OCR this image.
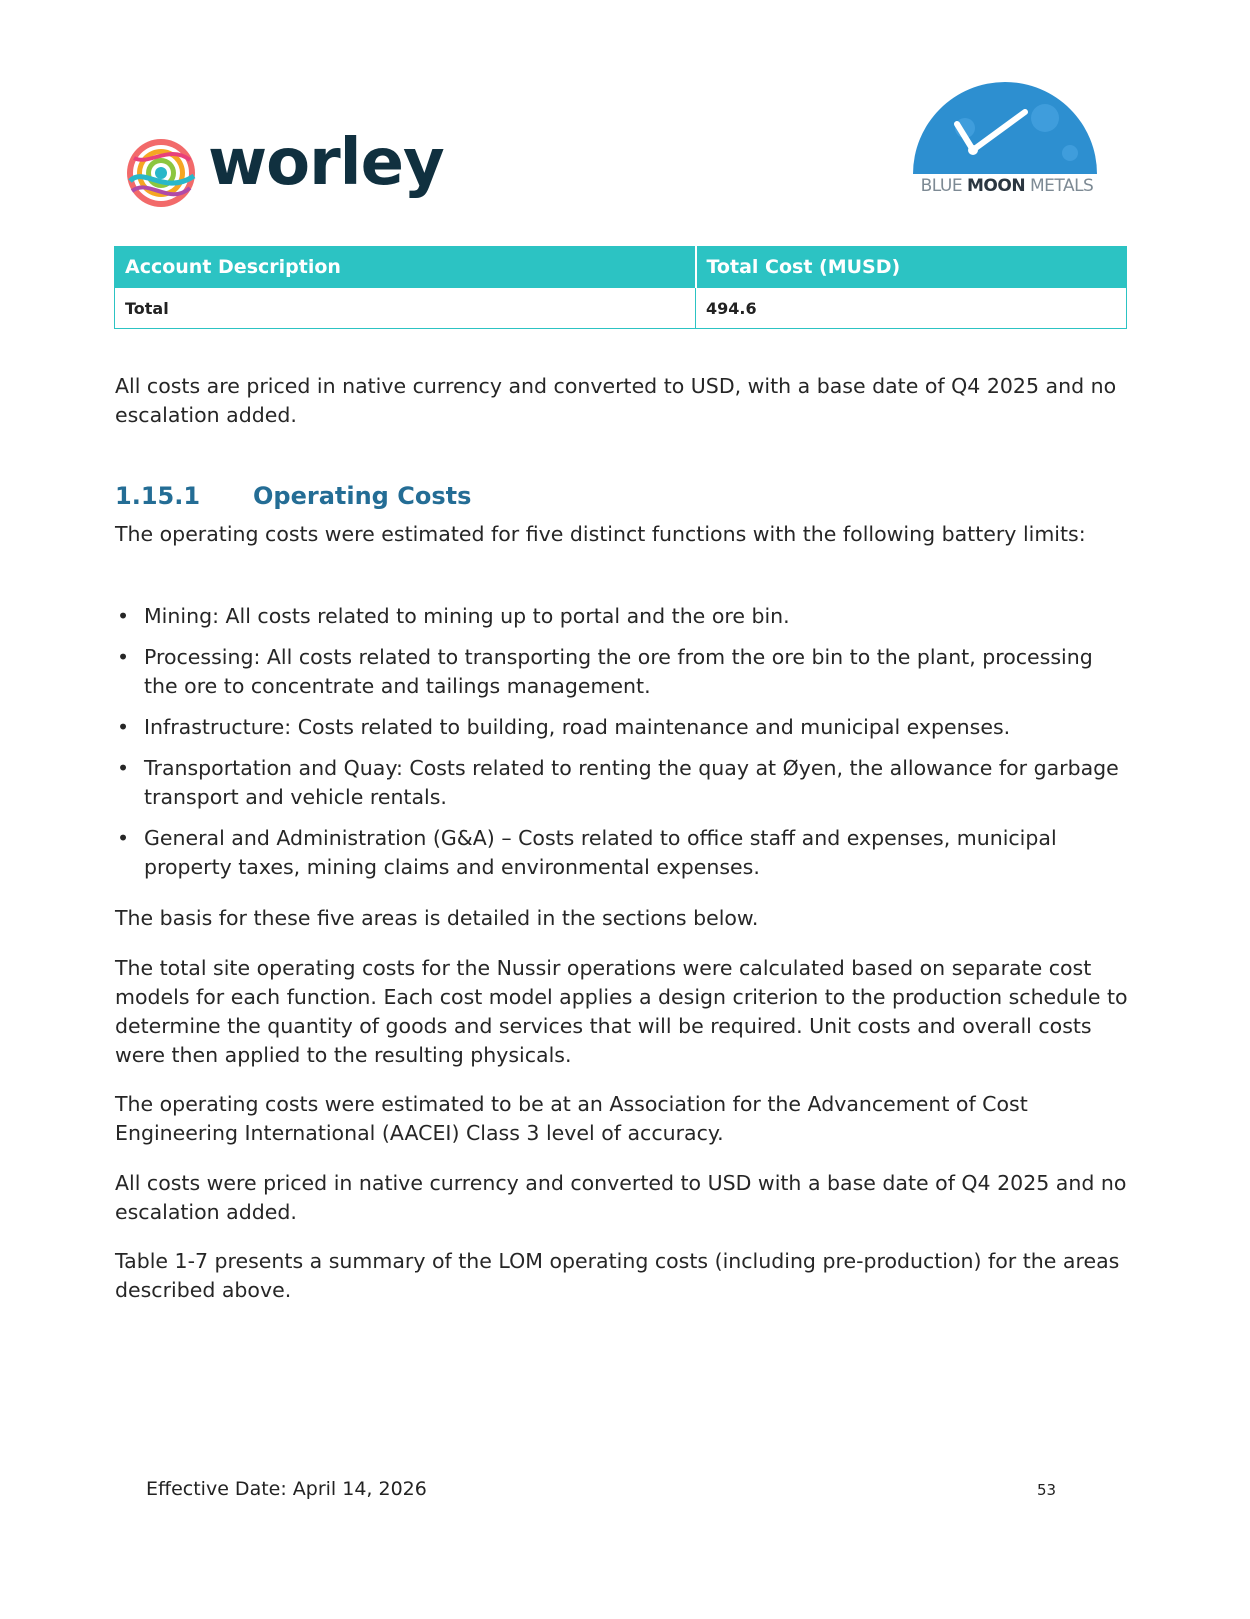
worley	BLUE MOON METALS
Account Description	Total Cost (MUSD)
Total	494.6

All costs are priced in native currency and converted to USD, with a base date of Q4 2025 and no escalation added.

1.15.1 Operating Costs

The operating costs were estimated for five distinct functions with the following battery limits:

• Mining: All costs related to mining up to portal and the ore bin.
• Processing: All costs related to transporting the ore from the ore bin to the plant, processing the ore to concentrate and tailings management.
• Infrastructure: Costs related to building, road maintenance and municipal expenses.
• Transportation and Quay: Costs related to renting the quay at Øyen, the allowance for garbage transport and vehicle rentals.
• General and Administration (G&A) – Costs related to office staff and expenses, municipal property taxes, mining claims and environmental expenses.

The basis for these five areas is detailed in the sections below.

The total site operating costs for the Nussir operations were calculated based on separate cost models for each function. Each cost model applies a design criterion to the production schedule to determine the quantity of goods and services that will be required. Unit costs and overall costs were then applied to the resulting physicals.

The operating costs were estimated to be at an Association for the Advancement of Cost Engineering International (AACEI) Class 3 level of accuracy.

All costs were priced in native currency and converted to USD with a base date of Q4 2025 and no escalation added.

Table 1-7 presents a summary of the LOM operating costs (including pre-production) for the areas described above.

Effective Date: April 14, 2026	53
